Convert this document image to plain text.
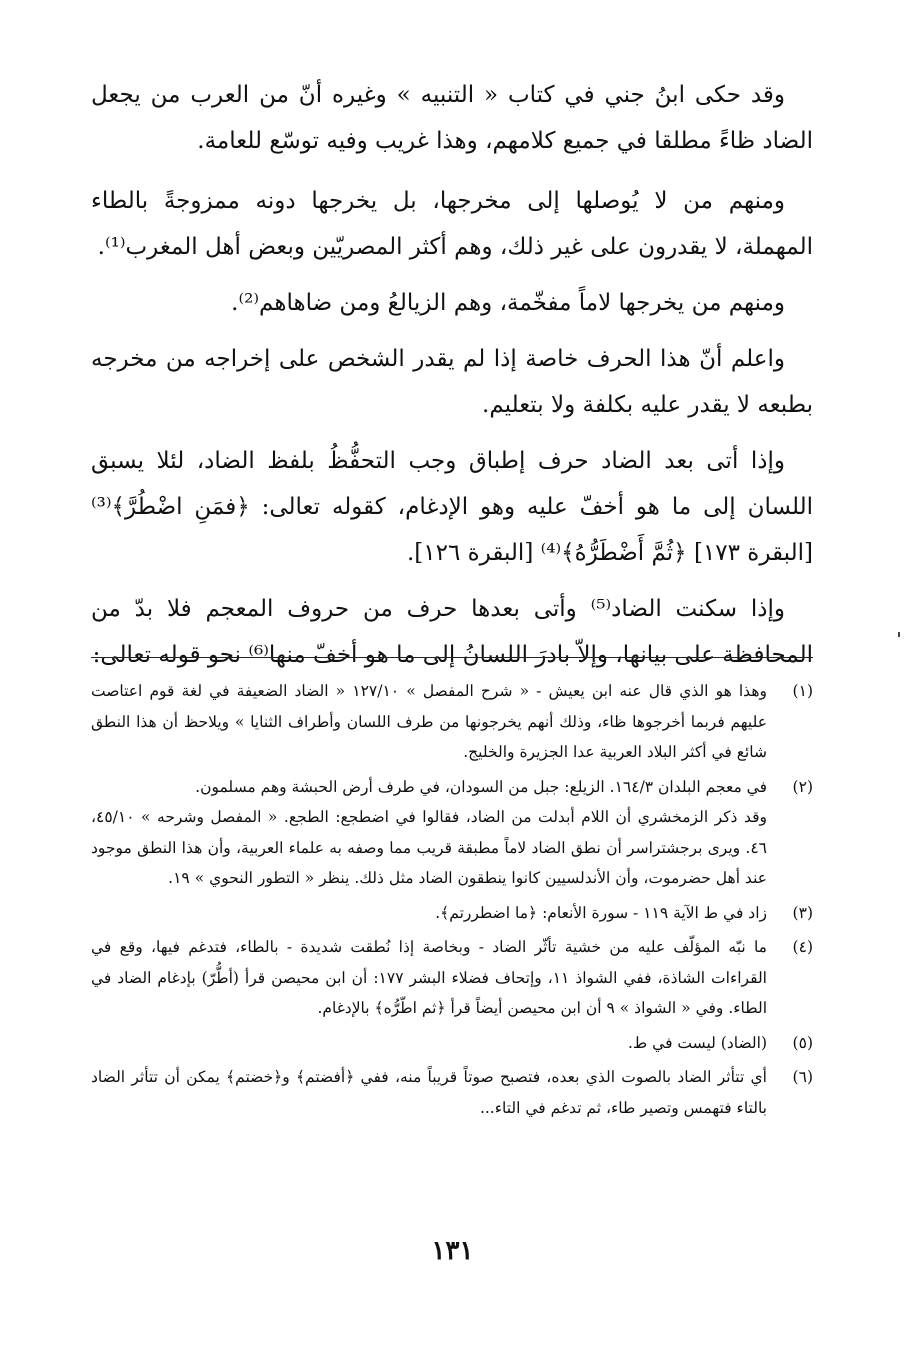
وقد حكى ابنُ جني في كتاب « التنبيه » وغيره أنّ من العرب من يجعل الضاد ظاءً مطلقا في جميع كلامهم، وهذا غريب وفيه توسّع للعامة.

ومنهم من لا يُوصلها إلى مخرجها، بل يخرجها دونه ممزوجةً بالطاء المهملة، لا يقدرون على غير ذلك، وهم أكثر المصريّين وبعض أهل المغرب⁽¹⁾.

ومنهم من يخرجها لاماً مفخّمة، وهم الزيالعُ ومن ضاهاهم⁽²⁾.

واعلم أنّ هذا الحرف خاصة إذا لم يقدر الشخص على إخراجه من مخرجه بطبعه لا يقدر عليه بكلفة ولا بتعليم.

وإذا أتى بعد الضاد حرف إطباق وجب التحفُّظُ بلفظ الضاد، لئلا يسبق اللسان إلى ما هو أخفّ عليه وهو الإدغام، كقوله تعالى: ﴿فمَنِ اضْطُرَّ﴾⁽³⁾ [البقرة ١٧٣] ﴿ثُمَّ أَضْطَرُّهُ﴾⁽⁴⁾ [البقرة ١٢٦].

وإذا سكنت الضاد⁽⁵⁾ وأتى بعدها حرف من حروف المعجم فلا بدّ من المحافظة على بيانها، وإلاّ بادرَ اللسانُ إلى ما هو أخفّ منها⁽⁶⁾ نحو قوله تعالى:

(١)

وهذا هو الذي قال عنه ابن يعيش - « شرح المفصل » ١٢٧/١٠ « الضاد الضعيفة في لغة قوم اعتاصت عليهم فربما أخرجوها ظاء، وذلك أنهم يخرجونها من طرف اللسان وأطراف الثنايا » ويلاحظ أن هذا النطق شائع في أكثر البلاد العربية عدا الجزيرة والخليج.

(٢)

في معجم البلدان ١٦٤/٣. الزيلع: جبل من السودان، في طرف أرض الحبشة وهم مسلمون.

وقد ذكر الزمخشري أن اللام أبدلت من الضاد، فقالوا في اضطجع: الطجع. « المفصل وشرحه » ٤٥/١٠، ٤٦. ويرى برجشتراسر أن نطق الضاد لاماً مطبقة قريب مما وصفه به علماء العربية، وأن هذا النطق موجود عند أهل حضرموت، وأن الأندلسيين كانوا ينطقون الضاد مثل ذلك. ينظر « التطور النحوي » ١٩.

(٣)

زاد في ط الآية ١١٩ - سورة الأنعام: ﴿ما اضطررتم﴾.

(٤)

ما نبّه المؤلّف عليه من خشية تأثّر الضاد - وبخاصة إذا نُطقت شديدة - بالطاء، فتدغم فيها، وقع في القراءات الشاذة، ففي الشواذ ١١، وإتحاف فضلاء البشر ١٧٧: أن ابن محيصن قرأ (أطُّرّ) بإدغام الضاد في الطاء. وفي « الشواذ » ٩ أن ابن محيصن أيضاً قرأ ﴿ثم اطّرُّه﴾ بالإدغام.

(٥)

(الضاد) ليست في ط.

(٦)

أي تتأثر الضاد بالصوت الذي بعده، فتصبح صوتاً قريباً منه، ففي ﴿أفضتم﴾ و﴿خضتم﴾ يمكن أن تتأثر الضاد بالتاء فتهمس وتصير طاء، ثم تدغم في التاء...

١٣١
